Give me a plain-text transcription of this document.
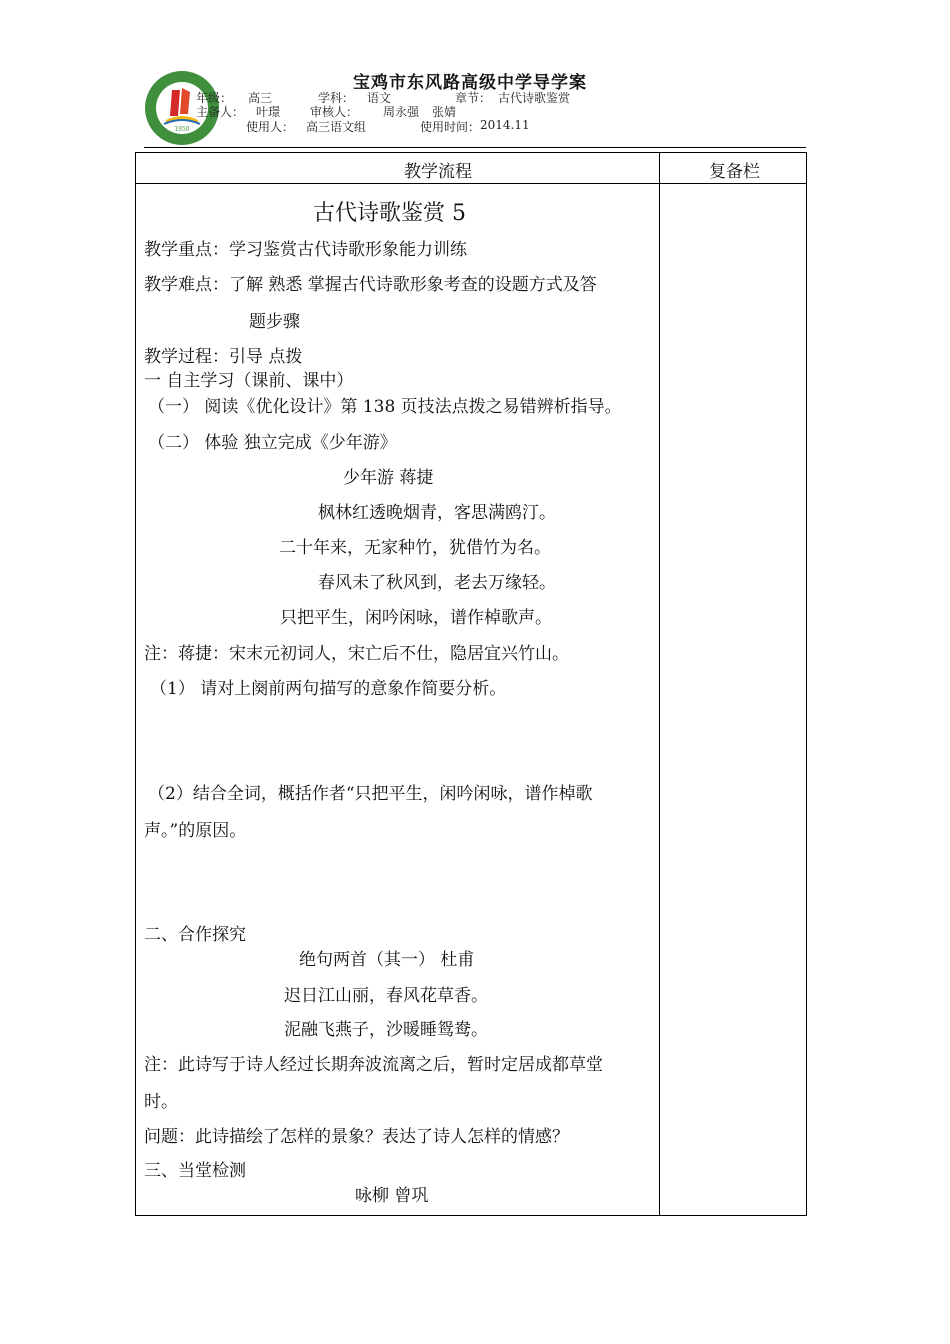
1950
宝鸡市东风路高级中学导学案
年级： 高三	学科： 语文	章节： 古代诗歌鉴赏
主备人： 叶璟 审核人： 周永强 张婧
使用人： 高三语文组	使用时间： 2014.11
教学流程	复备栏
古代诗歌鉴赏 5
教学重点：学习鉴赏古代诗歌形象能力训练
教学难点：了解 熟悉 掌握古代诗歌形象考查的设题方式及答
题步骤
教学过程：引导 点拨
一 自主学习（课前、课中）
（一） 阅读《优化设计》第 138 页技法点拨之易错辨析指导。
（二） 体验 独立完成《少年游》
少年游 蒋捷
枫林红透晚烟青，客思满鸥汀。
二十年来，无家种竹，犹借竹为名。
春风未了秋风到，老去万缘轻。
只把平生，闲吟闲咏，谱作棹歌声。
注：蒋捷：宋末元初词人，宋亡后不仕，隐居宜兴竹山。
（1） 请对上阕前两句描写的意象作简要分析。
（2）结合全词，概括作者“只把平生，闲吟闲咏，谱作棹歌
声。”的原因。
二、合作探究
绝句两首（其一） 杜甫
迟日江山丽，春风花草香。
泥融飞燕子，沙暖睡鸳鸯。
注：此诗写于诗人经过长期奔波流离之后，暂时定居成都草堂
时。
问题：此诗描绘了怎样的景象？表达了诗人怎样的情感？
三、当堂检测
咏柳 曾巩
